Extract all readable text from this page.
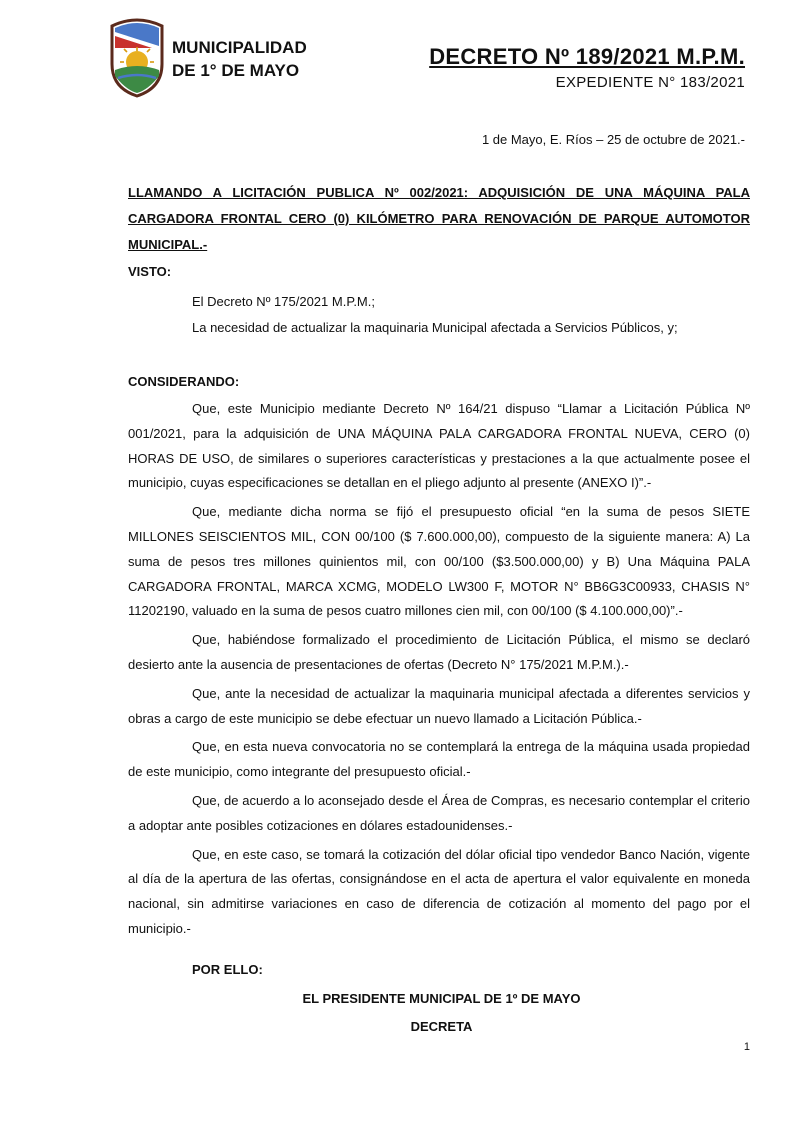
MUNICIPALIDAD
DE 1° DE MAYO
DECRETO Nº 189/2021 M.P.M.
EXPEDIENTE N° 183/2021
1 de Mayo, E. Ríos – 25 de octubre de 2021.-
LLAMANDO A LICITACIÓN PUBLICA Nº 002/2021: ADQUISICIÓN DE UNA MÁQUINA PALA CARGADORA FRONTAL CERO (0) KILÓMETRO PARA RENOVACIÓN DE PARQUE AUTOMOTOR MUNICIPAL.-
VISTO:
El Decreto Nº 175/2021 M.P.M.;
La necesidad de actualizar la maquinaria Municipal afectada a Servicios Públicos, y;
CONSIDERANDO:

Que, este Municipio mediante Decreto Nº 164/21 dispuso “Llamar a Licitación Pública Nº 001/2021, para la adquisición de UNA MÁQUINA PALA CARGADORA FRONTAL NUEVA, CERO (0) HORAS DE USO, de similares o superiores características y prestaciones a la que actualmente posee el municipio, cuyas especificaciones se detallan en el pliego adjunto al presente (ANEXO I)”.-

Que, mediante dicha norma se fijó el presupuesto oficial “en la suma de pesos SIETE MILLONES SEISCIENTOS MIL, CON 00/100 ($ 7.600.000,00), compuesto de la siguiente manera: A) La suma de pesos tres millones quinientos mil, con 00/100 ($3.500.000,00) y B) Una Máquina PALA CARGADORA FRONTAL, MARCA XCMG, MODELO LW300 F, MOTOR N° BB6G3C00933, CHASIS N° 11202190, valuado en la suma de pesos cuatro millones cien mil, con 00/100 ($ 4.100.000,00)”.-

Que, habiéndose formalizado el procedimiento de Licitación Pública, el mismo se declaró desierto ante la ausencia de presentaciones de ofertas (Decreto N° 175/2021 M.P.M.).-

Que, ante la necesidad de actualizar la maquinaria municipal afectada a diferentes servicios y obras a cargo de este municipio se debe efectuar un nuevo llamado a Licitación Pública.-

Que, en esta nueva convocatoria no se contemplará la entrega de la máquina usada propiedad de este municipio, como integrante del presupuesto oficial.-

Que, de acuerdo a lo aconsejado desde el Área de Compras, es necesario contemplar el criterio a adoptar ante posibles cotizaciones en dólares estadounidenses.-

Que, en este caso, se tomará la cotización del dólar oficial tipo vendedor Banco Nación, vigente al día de la apertura de las ofertas, consignándose en el acta de apertura el valor equivalente en moneda nacional, sin admitirse variaciones en caso de diferencia de cotización al momento del pago por el municipio.-

POR ELLO:
EL PRESIDENTE MUNICIPAL DE 1º DE MAYO
DECRETA
1
